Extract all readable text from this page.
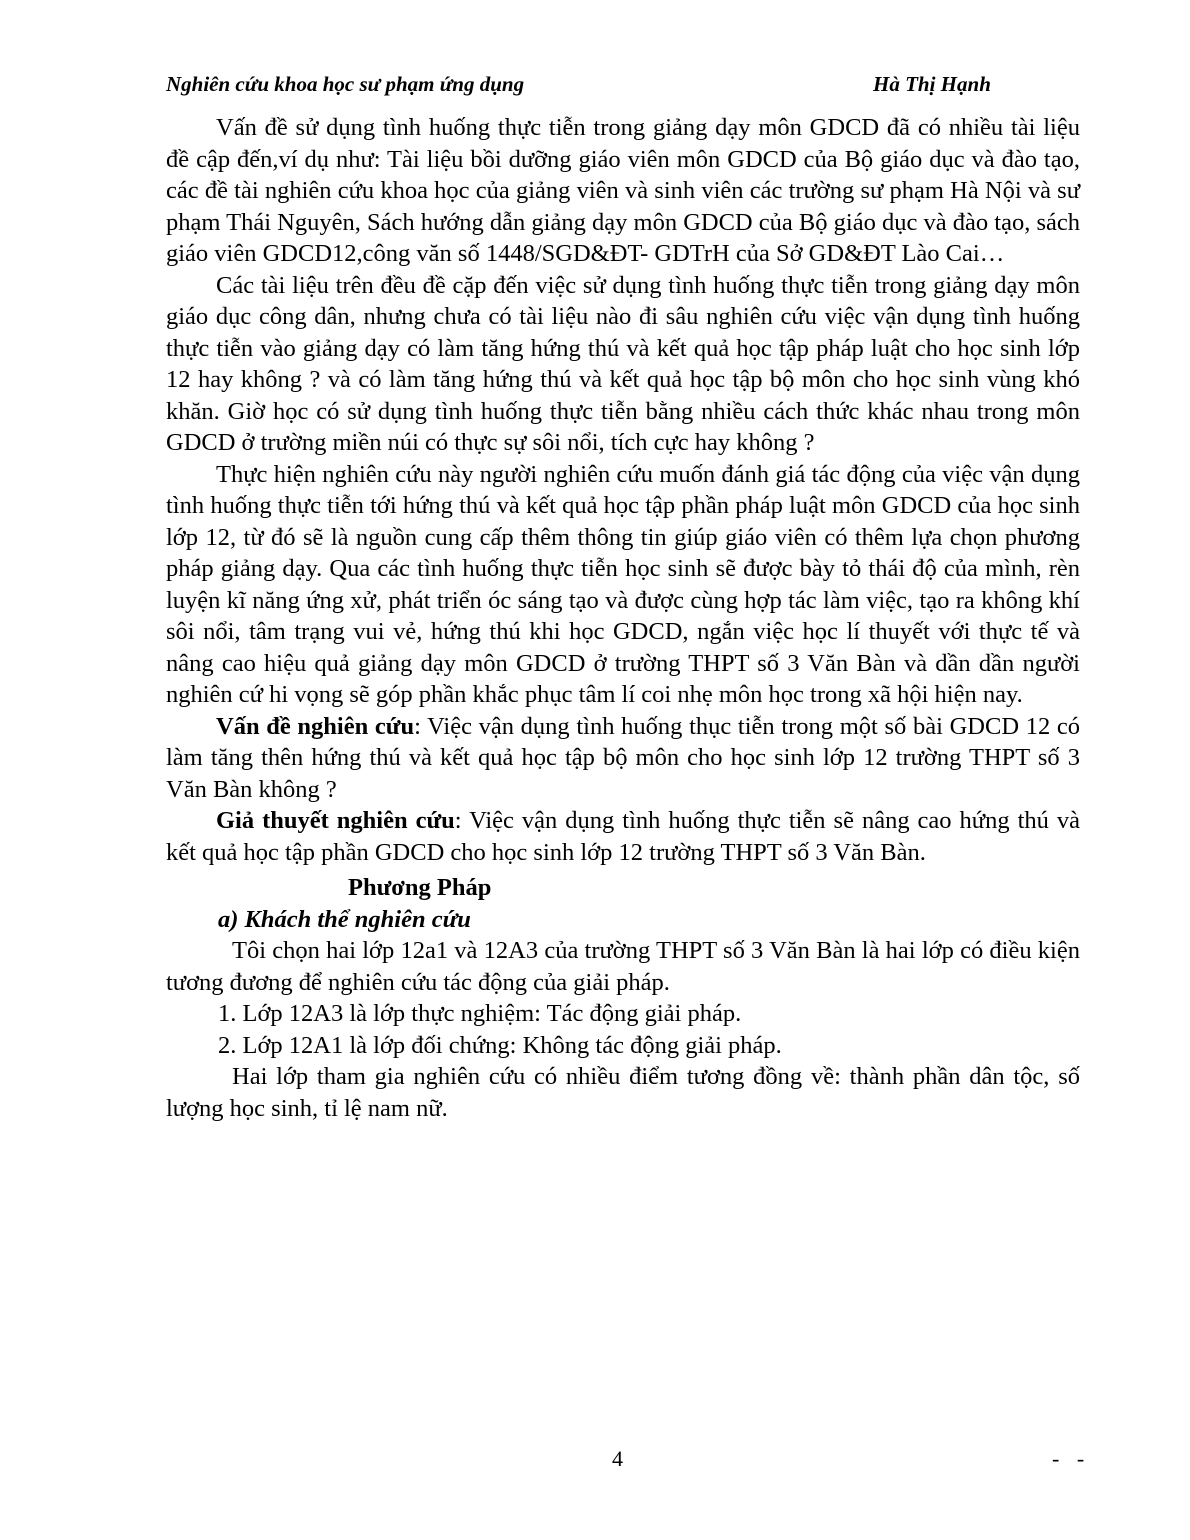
Nghiên cứu khoa học sư phạm ứng dụng	Hà Thị Hạnh

Vấn đề sử dụng tình huống thực tiễn trong giảng dạy môn GDCD đã có nhiều tài liệu đề cập đến,ví dụ như: Tài liệu bồi dưỡng giáo viên môn GDCD của Bộ giáo dục và đào tạo, các đề tài nghiên cứu khoa học của giảng viên và sinh viên các trường sư phạm Hà Nội và sư phạm Thái Nguyên, Sách hướng dẫn giảng dạy môn GDCD của Bộ giáo dục và đào tạo, sách giáo viên GDCD12,công văn số 1448/SGD&ĐT- GDTrH của Sở GD&ĐT Lào Cai…

Các tài liệu trên đều đề cặp đến việc sử dụng tình huống thực tiễn trong giảng dạy môn giáo dục công dân, nhưng chưa có tài liệu nào đi sâu nghiên cứu việc vận dụng tình huống thực tiễn vào giảng dạy có làm tăng hứng thú và kết quả học tập pháp luật cho học sinh lớp 12 hay không ? và có làm tăng hứng thú và kết quả học tập bộ môn cho học sinh vùng khó khăn. Giờ học có sử dụng tình huống thực tiễn bằng nhiều cách thức khác nhau trong môn GDCD ở trường miền núi có thực sự sôi nổi, tích cực hay không ?

Thực hiện nghiên cứu này người nghiên cứu muốn đánh giá tác động của việc vận dụng tình huống thực tiễn tới hứng thú và kết quả học tập phần pháp luật môn GDCD của học sinh lớp 12, từ đó sẽ là nguồn cung cấp thêm thông tin giúp giáo viên có thêm lựa chọn phương pháp giảng dạy. Qua các tình huống thực tiễn học sinh sẽ được bày tỏ thái độ của mình, rèn luyện kĩ năng ứng xử, phát triển óc sáng tạo và được cùng hợp tác làm việc, tạo ra không khí sôi nổi, tâm trạng vui vẻ, hứng thú khi học GDCD, ngắn việc học lí thuyết với thực tế và nâng cao hiệu quả giảng dạy môn GDCD ở trường THPT số 3 Văn Bàn và dần dần người nghiên cứ hi vọng sẽ góp phần khắc phục tâm lí coi nhẹ môn học trong xã hội hiện nay.

Vấn đề nghiên cứu: Việc vận dụng tình huống thục tiễn trong một số bài GDCD 12 có làm tăng thên hứng thú và kết quả học tập bộ môn cho học sinh lớp 12 trường THPT số 3 Văn Bàn không ?

Giả thuyết nghiên cứu: Việc vận dụng tình huống thực tiễn sẽ nâng cao hứng thú và kết quả học tập phần GDCD cho học sinh lớp 12 trường THPT số 3 Văn Bàn.

Phương Pháp
a) Khách thể nghiên cứu

Tôi chọn hai lớp 12a1 và 12A3 của trường THPT số 3 Văn Bàn là hai lớp có điều kiện tương đương để nghiên cứu tác động của giải pháp.

1. Lớp 12A3 là lớp thực nghiệm: Tác động giải pháp.

2. Lớp 12A1 là lớp đối chứng: Không tác động giải pháp.

Hai lớp tham gia nghiên cứu có nhiều điểm tương đồng về: thành phần dân tộc, số lượng học sinh, tỉ lệ nam nữ.

4	- -
